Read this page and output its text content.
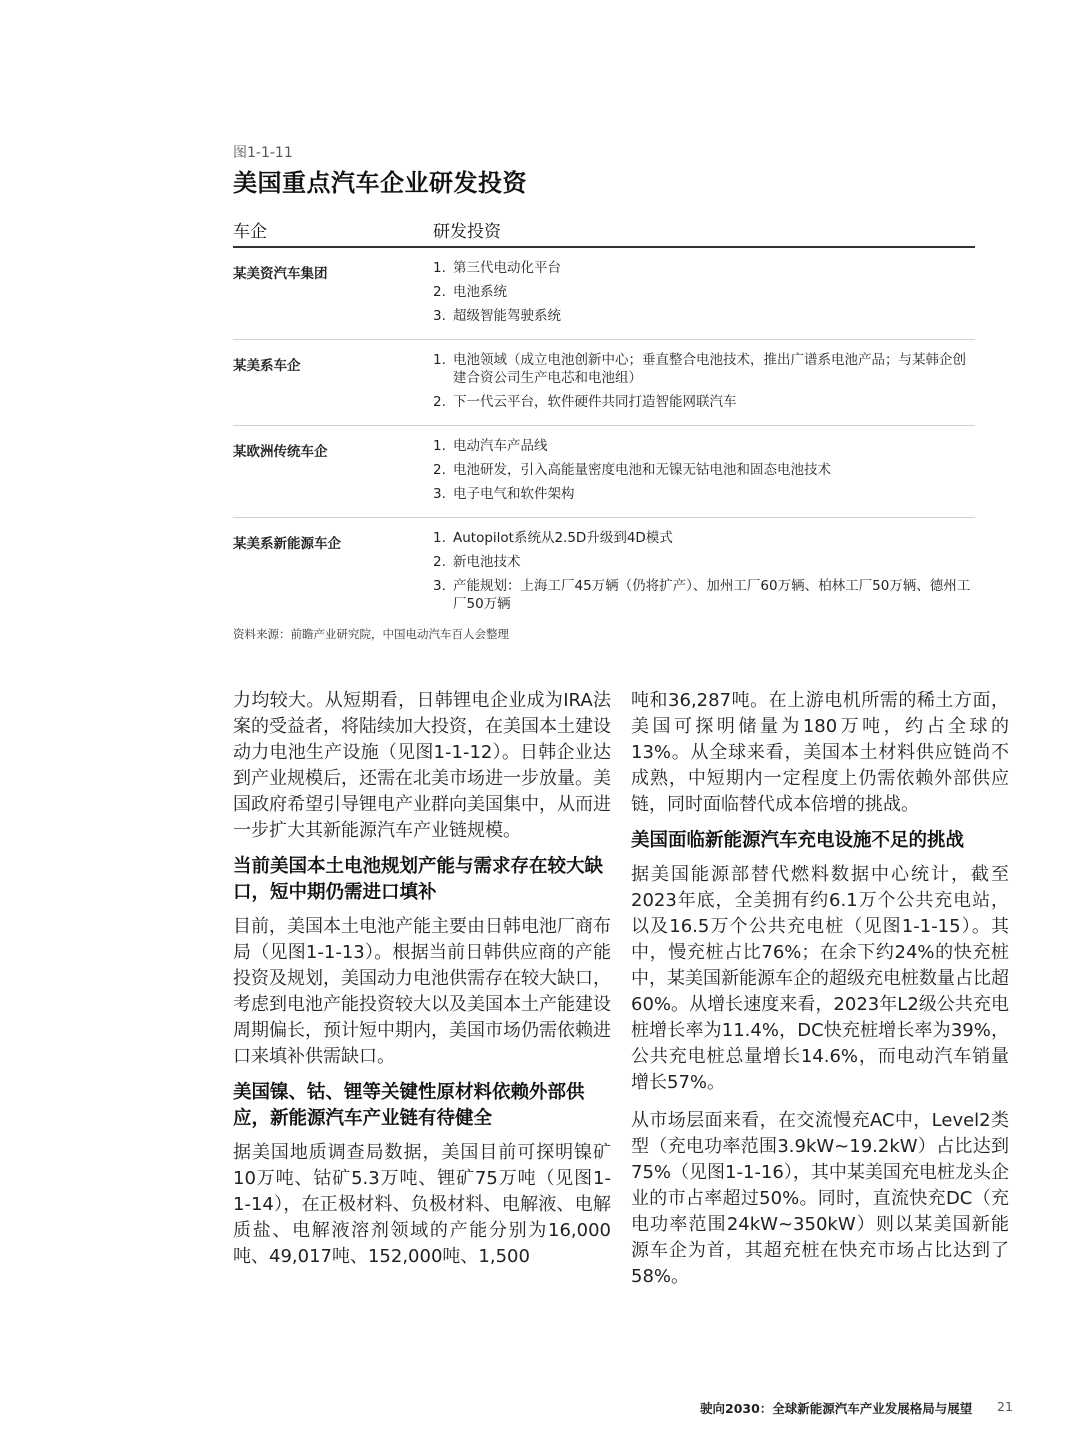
图1-1-11
美国重点汽车企业研发投资
车企	研发投资
某美资汽车集团	1. 第三代电动化平台
2. 电池系统
3. 超级智能驾驶系统
某美系车企	1. 电池领域（成立电池创新中心；垂直整合电池技术，推出广谱系电池产品；与某韩企创建合资公司生产电芯和电池组）
2. 下一代云平台，软件硬件共同打造智能网联汽车
某欧洲传统车企	1. 电动汽车产品线
2. 电池研发，引入高能量密度电池和无镍无钴电池和固态电池技术
3. 电子电气和软件架构
某美系新能源车企	1. Autopilot系统从2.5D升级到4D模式
2. 新电池技术
3. 产能规划：上海工厂45万辆（仍将扩产）、加州工厂60万辆、柏林工厂50万辆、德州工厂50万辆
资料来源：前瞻产业研究院，中国电动汽车百人会整理

力均较大。从短期看，日韩锂电企业成为IRA法案的受益者，将陆续加大投资，在美国本土建设动力电池生产设施（见图1-1-12）。日韩企业达到产业规模后，还需在北美市场进一步放量。美国政府希望引导锂电产业群向美国集中，从而进一步扩大其新能源汽车产业链规模。

当前美国本土电池规划产能与需求存在较大缺口，短中期仍需进口填补

目前，美国本土电池产能主要由日韩电池厂商布局（见图1-1-13）。根据当前日韩供应商的产能投资及规划，美国动力电池供需存在较大缺口，考虑到电池产能投资较大以及美国本土产能建设周期偏长，预计短中期内，美国市场仍需依赖进口来填补供需缺口。

美国镍、钴、锂等关键性原材料依赖外部供应，新能源汽车产业链有待健全

据美国地质调查局数据，美国目前可探明镍矿10万吨、钴矿5.3万吨、锂矿75万吨（见图1-1-14），在正极材料、负极材料、电解液、电解质盐、电解液溶剂领域的产能分别为16,000吨、49,017吨、152,000吨、1,500

吨和36,287吨。在上游电机所需的稀土方面，美国可探明储量为180万吨，约占全球的13%。从全球来看，美国本土材料供应链尚不成熟，中短期内一定程度上仍需依赖外部供应链，同时面临替代成本倍增的挑战。

美国面临新能源汽车充电设施不足的挑战

据美国能源部替代燃料数据中心统计，截至2023年底，全美拥有约6.1万个公共充电站，以及16.5万个公共充电桩（见图1-1-15）。其中，慢充桩占比76%；在余下约24%的快充桩中，某美国新能源车企的超级充电桩数量占比超60%。从增长速度来看，2023年L2级公共充电桩增长率为11.4%，DC快充桩增长率为39%，公共充电桩总量增长14.6%，而电动汽车销量增长57%。

从市场层面来看，在交流慢充AC中，Level2类型（充电功率范围3.9kW~19.2kW）占比达到75%（见图1-1-16），其中某美国充电桩龙头企业的市占率超过50%。同时，直流快充DC（充电功率范围24kW~350kW）则以某美国新能源车企为首，其超充桩在快充市场占比达到了58%。

驶向2030：全球新能源汽车产业发展格局与展望 21
